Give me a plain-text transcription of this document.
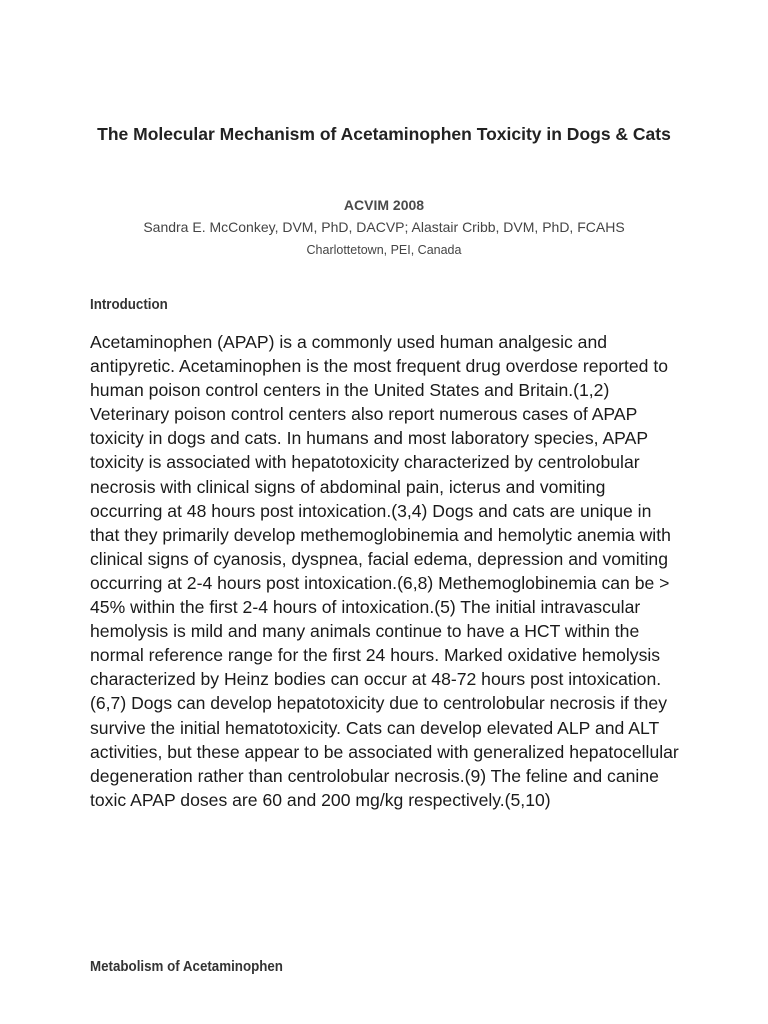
The Molecular Mechanism of Acetaminophen Toxicity in Dogs & Cats
ACVIM 2008
Sandra E. McConkey, DVM, PhD, DACVP; Alastair Cribb, DVM, PhD, FCAHS
Charlottetown, PEI, Canada
Introduction

Acetaminophen (APAP) is a commonly used human analgesic and antipyretic. Acetaminophen is the most frequent drug overdose reported to human poison control centers in the United States and Britain.(1,2) Veterinary poison control centers also report numerous cases of APAP toxicity in dogs and cats. In humans and most laboratory species, APAP toxicity is associated with hepatotoxicity characterized by centrolobular necrosis with clinical signs of abdominal pain, icterus and vomiting occurring at 48 hours post intoxication.(3,4) Dogs and cats are unique in that they primarily develop methemoglobinemia and hemolytic anemia with clinical signs of cyanosis, dyspnea, facial edema, depression and vomiting occurring at 2-4 hours post intoxication.(6,8) Methemoglobinemia can be > 45% within the first 2-4 hours of intoxication.(5) The initial intravascular hemolysis is mild and many animals continue to have a HCT within the normal reference range for the first 24 hours. Marked oxidative hemolysis characterized by Heinz bodies can occur at 48-72 hours post intoxication.(6,7) Dogs can develop hepatotoxicity due to centrolobular necrosis if they survive the initial hematotoxicity. Cats can develop elevated ALP and ALT activities, but these appear to be associated with generalized hepatocellular degeneration rather than centrolobular necrosis.(9) The feline and canine toxic APAP doses are 60 and 200 mg/kg respectively.(5,10)

Metabolism of Acetaminophen
